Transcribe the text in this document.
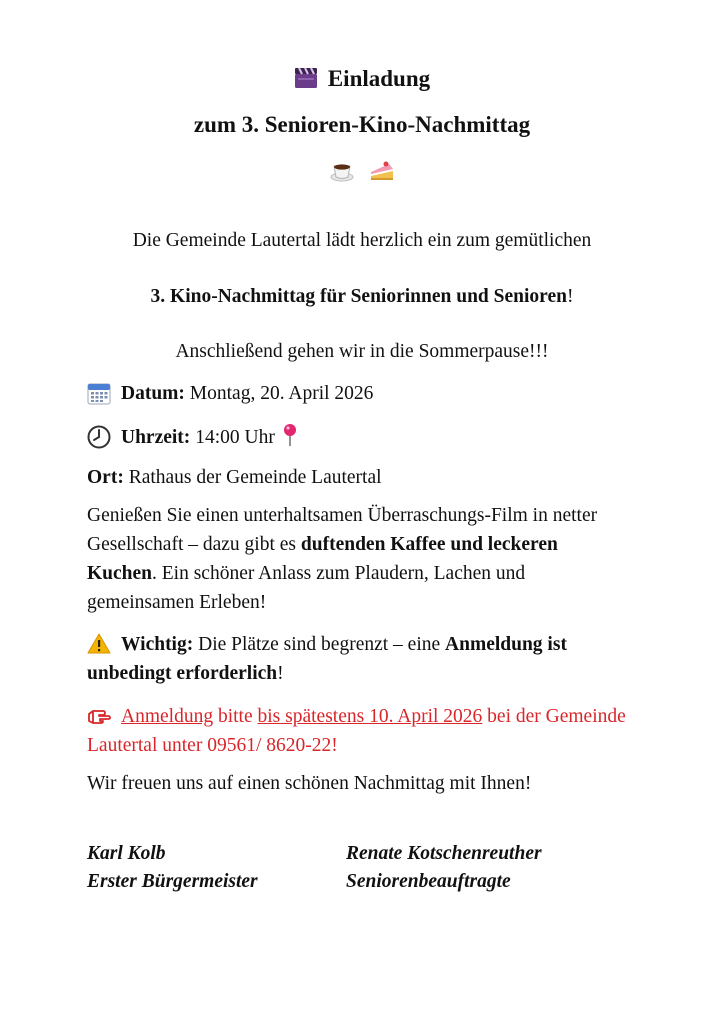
Einladung
zum 3. Senioren-Kino-Nachmittag

Die Gemeinde Lautertal lädt herzlich ein zum gemütlichen
3. Kino-Nachmittag für Seniorinnen und Senioren!
Anschließend gehen wir in die Sommerpause!!!
Datum: Montag, 20. April 2026
Uhrzeit: 14:00 Uhr
Ort: Rathaus der Gemeinde Lautertal
Genießen Sie einen unterhaltsamen Überraschungs-Film in netter Gesellschaft – dazu gibt es duftenden Kaffee und leckeren Kuchen. Ein schöner Anlass zum Plaudern, Lachen und gemeinsamen Erleben!
Wichtig: Die Plätze sind begrenzt – eine Anmeldung ist unbedingt erforderlich!
Anmeldung bitte bis spätestens 10. April 2026 bei der Gemeinde Lautertal unter 09561/ 8620-22!
Wir freuen uns auf einen schönen Nachmittag mit Ihnen!
Karl Kolb
Erster Bürgermeister
Renate Kotschenreuther
Seniorenbeauftragte
